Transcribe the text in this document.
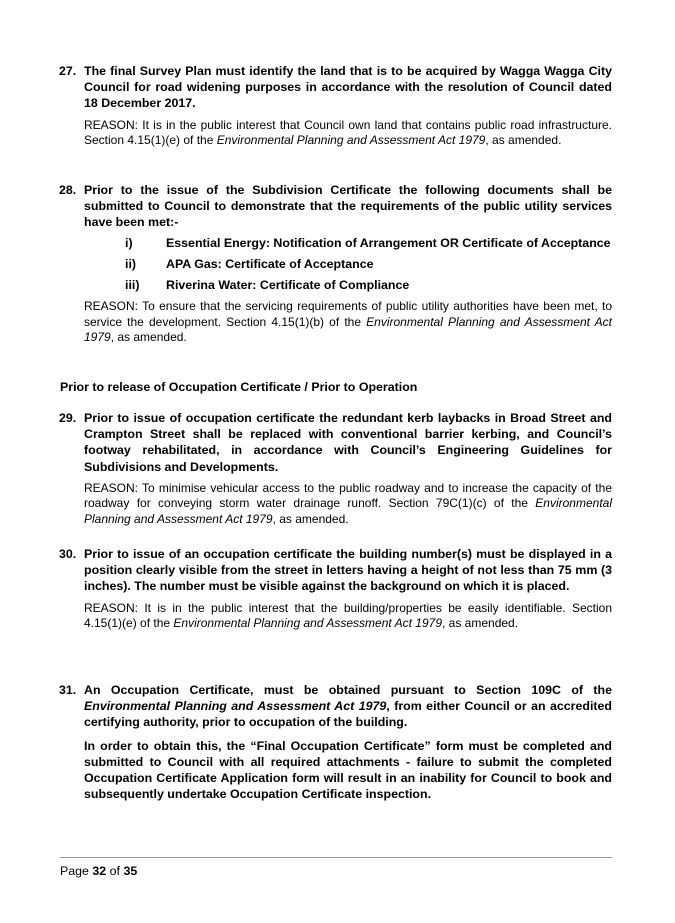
27. The final Survey Plan must identify the land that is to be acquired by Wagga Wagga City Council for road widening purposes in accordance with the resolution of Council dated 18 December 2017.
REASON: It is in the public interest that Council own land that contains public road infrastructure. Section 4.15(1)(e) of the Environmental Planning and Assessment Act 1979, as amended.
28. Prior to the issue of the Subdivision Certificate the following documents shall be submitted to Council to demonstrate that the requirements of the public utility services have been met:-
i)	Essential Energy: Notification of Arrangement OR Certificate of Acceptance
ii) APA Gas: Certificate of Acceptance
iii) Riverina Water: Certificate of Compliance
REASON: To ensure that the servicing requirements of public utility authorities have been met, to service the development. Section 4.15(1)(b) of the Environmental Planning and Assessment Act 1979, as amended.
Prior to release of Occupation Certificate / Prior to Operation
29. Prior to issue of occupation certificate the redundant kerb laybacks in Broad Street and Crampton Street shall be replaced with conventional barrier kerbing, and Council’s footway rehabilitated, in accordance with Council’s Engineering Guidelines for Subdivisions and Developments.
REASON: To minimise vehicular access to the public roadway and to increase the capacity of the roadway for conveying storm water drainage runoff. Section 79C(1)(c) of the Environmental Planning and Assessment Act 1979, as amended.
30. Prior to issue of an occupation certificate the building number(s) must be displayed in a position clearly visible from the street in letters having a height of not less than 75 mm (3 inches). The number must be visible against the background on which it is placed.
REASON: It is in the public interest that the building/properties be easily identifiable. Section 4.15(1)(e) of the Environmental Planning and Assessment Act 1979, as amended.
31. An Occupation Certificate, must be obtained pursuant to Section 109C of the Environmental Planning and Assessment Act 1979, from either Council or an accredited certifying authority, prior to occupation of the building.
In order to obtain this, the “Final Occupation Certificate” form must be completed and submitted to Council with all required attachments - failure to submit the completed Occupation Certificate Application form will result in an inability for Council to book and subsequently undertake Occupation Certificate inspection.
Page 32 of 35
